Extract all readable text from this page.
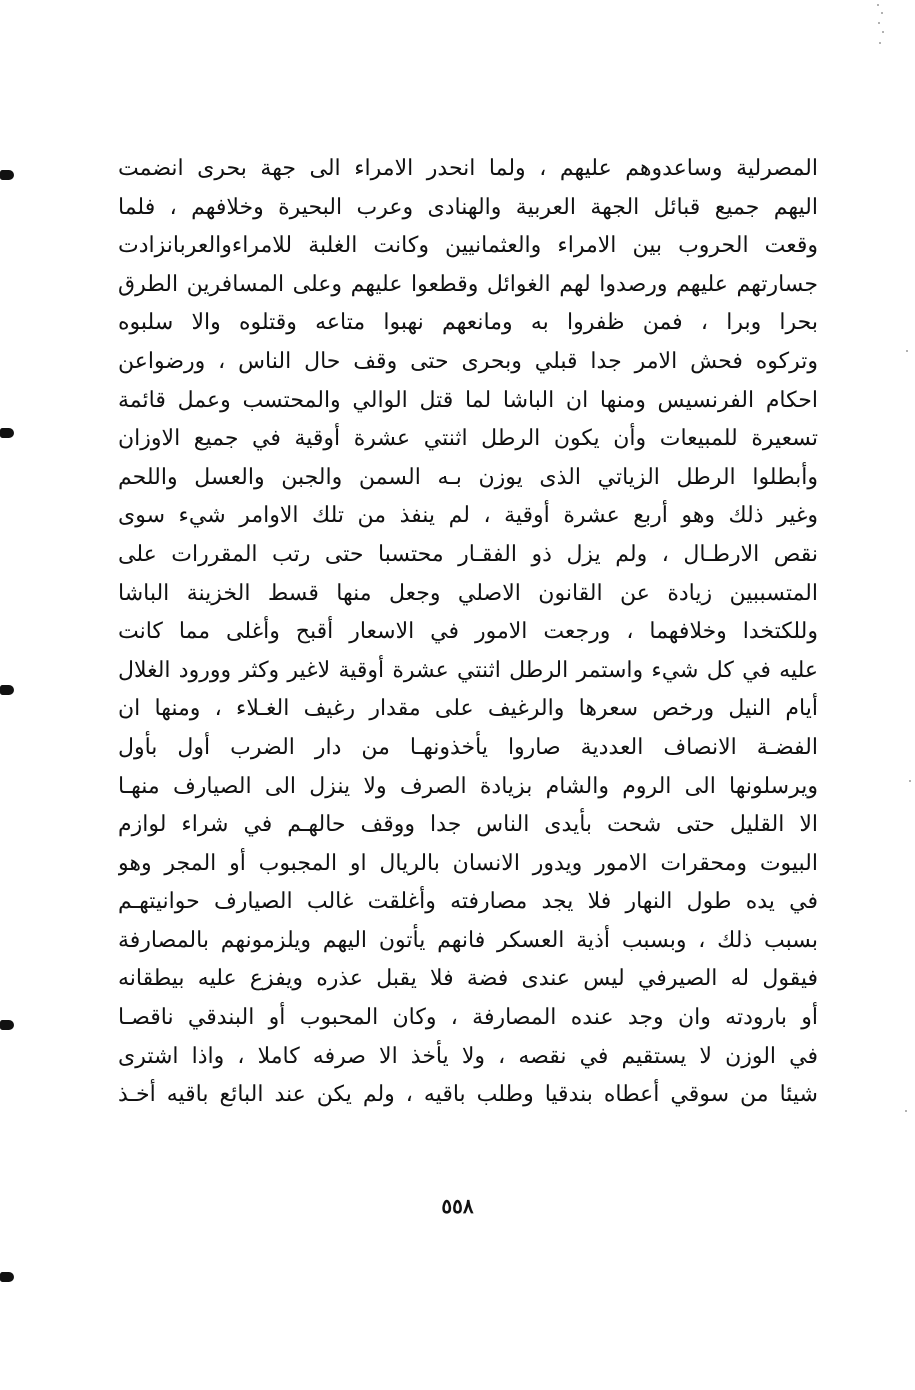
المصرلية وساعدوهم عليهم ، ولما انحدر الامراء الى جهة بحرى انضمت
اليهم جميع قبائل الجهة العربية والهنادى وعرب البحيرة وخلافهم ، فلما
وقعت الحروب بين الامراء والعثمانيين وكانت الغلبة للامراءوالعربانزادت
جسارتهم عليهم ورصدوا لهم الغوائل وقطعوا عليهم وعلى المسافرين الطرق
بحرا وبرا ، فمن ظفروا به ومانعهم نهبوا متاعه وقتلوه والا سلبوه
وتركوه فحش الامر جدا قبلي وبحرى حتى وقف حال الناس ، ورضواعن
احكام الفرنسيس ومنها ان الباشا لما قتل الوالي والمحتسب وعمل قائمة
تسعيرة للمبيعات وأن يكون الرطل اثنتي عشرة أوقية في جميع الاوزان
وأبطلوا الرطل الزياتي الذى يوزن بـه السمن والجبن والعسل واللحم
وغير ذلك وهو أربع عشرة أوقية ، لم ينفذ من تلك الاوامر شيء سوى
نقص الارطـال ، ولم يزل ذو الفقـار محتسبا حتى رتب المقررات على
المتسببين زيادة عن القانون الاصلي وجعل منها قسط الخزينة الباشا
وللكتخدا وخلافهما ، ورجعت الامور في الاسعار أقبح وأغلى مما كانت
عليه في كل شيء واستمر الرطل اثنتي عشرة أوقية لاغير وكثر وورود الغلال
أيام النيل ورخص سعرها والرغيف على مقدار رغيف الغـلاء ، ومنها ان
الفضـة الانصاف العددية صاروا يأخذونهـا من دار الضرب أول بأول
ويرسلونها الى الروم والشام بزيادة الصرف ولا ينزل الى الصيارف منهـا
الا القليل حتى شحت بأيدى الناس جدا ووقف حالهـم في شراء لوازم
البيوت ومحقرات الامور ويدور الانسان بالريال او المجبوب أو المجر وهو
في يده طول النهار فلا يجد مصارفته وأغلقت غالب الصيارف حوانيتهـم
بسبب ذلك ، وبسبب أذية العسكر فانهم يأتون اليهم ويلزمونهم بالمصارفة
فيقول له الصيرفي ليس عندى فضة فلا يقبل عذره ويفزع عليه بيطقانه
أو بارودته وان وجد عنده المصارفة ، وكان المحبوب أو البندقي ناقصـا
في الوزن لا يستقيم في نقصه ، ولا يأخذ الا صرفه كاملا ، واذا اشترى
شيئا من سوقي أعطاه بندقيا وطلب باقيه ، ولم يكن عند البائع باقيه أخـذ
٥٥٨
